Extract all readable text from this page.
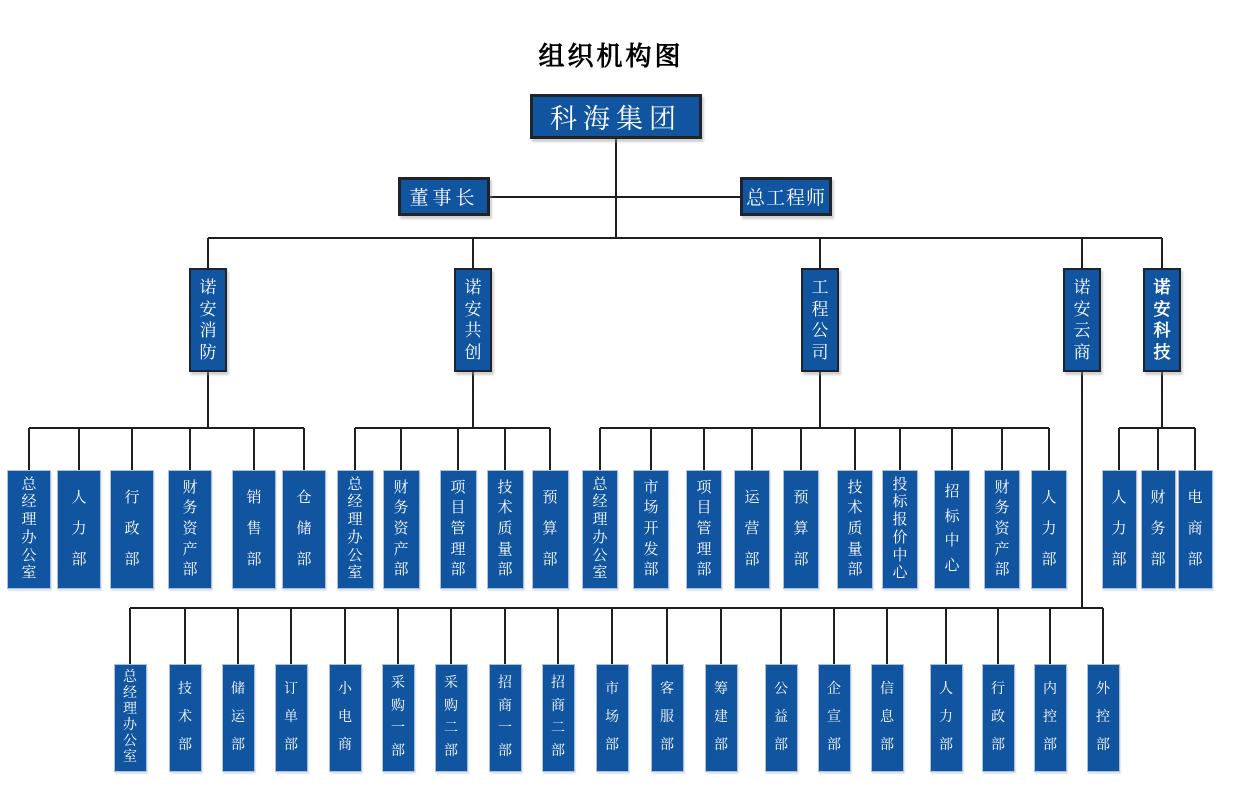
组织机构图
科海集团
董事长	总工程师
诺
安
消
防
总
经
理
办
公
室
人
力
部
行
政
部
财
务
资
产
部
销
售
部
仓
储
部
诺
安
共
创
总
经
理
办
公
室
财
务
资
产
部
项
目
管
理
部
技
术
质
量
部
预
算
部
工
程
公
司
总
经
理
办
公
室
市
场
开
发
部
项
目
管
理
部
运
营
部
预
算
部
技
术
质
量
部
投
标
报
价
中
心
招
标
中
心
财
务
资
产
部
人
力
部
诺
安
云
商
总
经
理
办
公
室
技
术
部
储
运
部
订
单
部
小
电
商
采
购
一
部
采
购
二
部
招
商
一
部
招
商
二
部
市
场
部
客
服
部
筹
建
部
公
益
部
企
宣
部
信
息
部
人
力
部
行
政
部
内
控
部
外
控
部
诺
安
科
技
人
力
部
财
务
部
电
商
部
